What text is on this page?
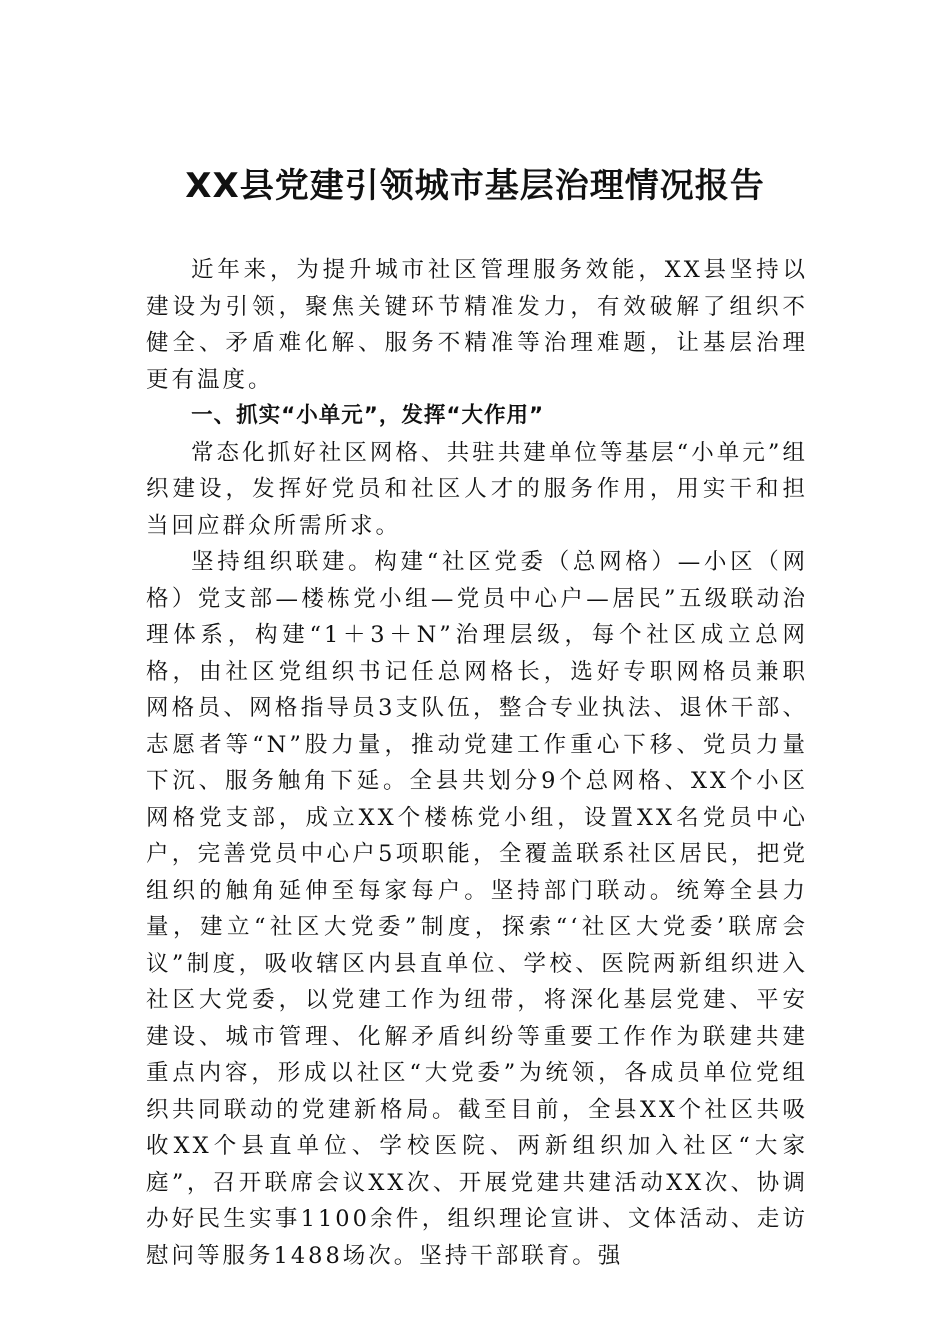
XX县党建引领城市基层治理情况报告

近年来，为提升城市社区管理服务效能，XX县坚持以建设为引领，聚焦关键环节精准发力，有效破解了组织不健全、矛盾难化解、服务不精准等治理难题，让基层治理更有温度。

一、抓实“小单元”，发挥“大作用”

常态化抓好社区网格、共驻共建单位等基层“小单元”组织建设，发挥好党员和社区人才的服务作用，用实干和担当回应群众所需所求。

坚持组织联建。构建“社区党委（总网格）—小区（网格）党支部—楼栋党小组—党员中心户—居民”五级联动治理体系，构建“1＋3＋N”治理层级，每个社区成立总网格，由社区党组织书记任总网格长，选好专职网格员兼职网格员、网格指导员3支队伍，整合专业执法、退休干部、志愿者等“N”股力量，推动党建工作重心下移、党员力量下沉、服务触角下延。全县共划分9个总网格、XX个小区网格党支部，成立XX个楼栋党小组，设置XX名党员中心户，完善党员中心户5项职能，全覆盖联系社区居民，把党组织的触角延伸至每家每户。坚持部门联动。统筹全县力量，建立“社区大党委”制度，探索“‘社区大党委’联席会议”制度，吸收辖区内县直单位、学校、医院两新组织进入社区大党委，以党建工作为纽带，将深化基层党建、平安建设、城市管理、化解矛盾纠纷等重要工作作为联建共建重点内容，形成以社区“大党委”为统领，各成员单位党组织共同联动的党建新格局。截至目前，全县XX个社区共吸收XX个县直单位、学校医院、两新组织加入社区“大家庭”，召开联席会议XX次、开展党建共建活动XX次、协调办好民生实事1100余件，组织理论宣讲、文体活动、走访慰问等服务1488场次。坚持干部联育。强
